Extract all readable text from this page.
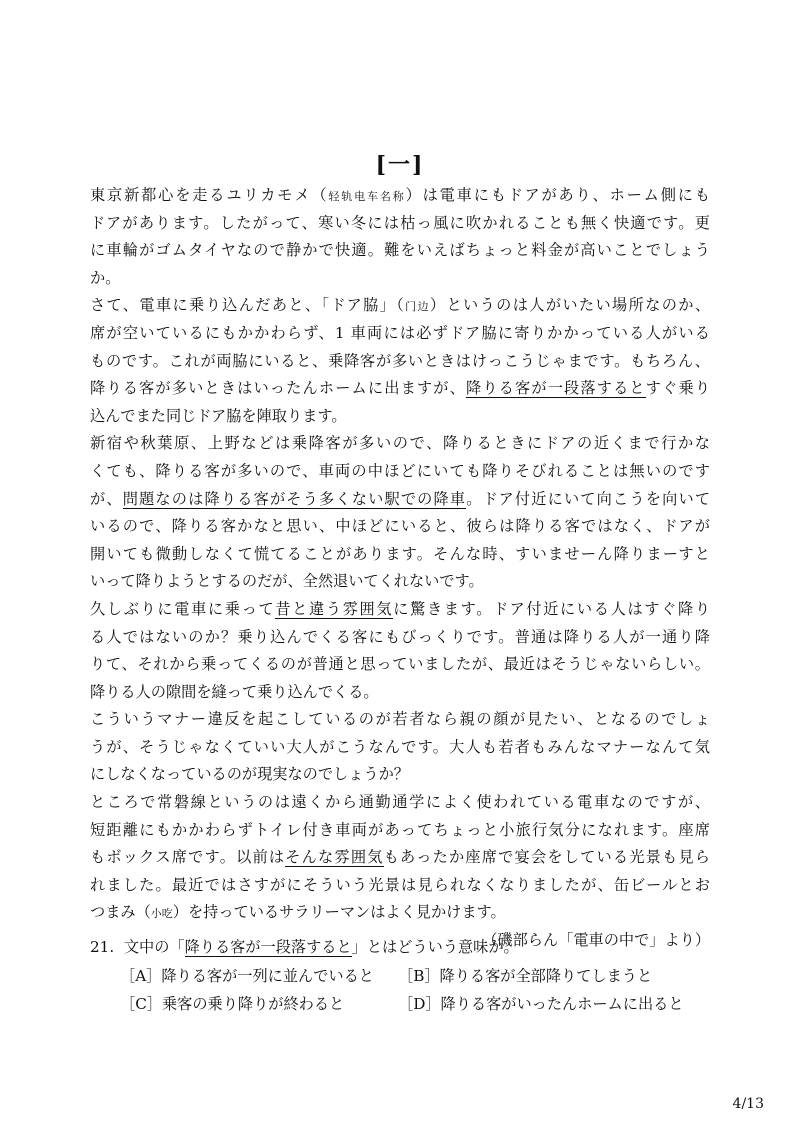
[一]
東京新都心を走るユリカモメ（轻轨电车名称）は電車にもドアがあり、ホーム側にも
ドアがあります。したがって、寒い冬には枯っ風に吹かれることも無く快適です。更
に車輪がゴムタイヤなので静かで快適。難をいえばちょっと料金が高いことでしょう
か。
さて、電車に乗り込んだあと、「ドア脇」（门边）というのは人がいたい場所なのか、
席が空いているにもかかわらず、1 車両には必ずドア脇に寄りかかっている人がいる
ものです。これが両脇にいると、乗降客が多いときはけっこうじゃまです。もちろん、
降りる客が多いときはいったんホームに出ますが、降りる客が一段落するとすぐ乗り
込んでまた同じドア脇を陣取ります。
新宿や秋葉原、上野などは乗降客が多いので、降りるときにドアの近くまで行かな
くても、降りる客が多いので、車両の中ほどにいても降りそびれることは無いのです
が、問題なのは降りる客がそう多くない駅での降車。ドア付近にいて向こうを向いて
いるので、降りる客かなと思い、中ほどにいると、彼らは降りる客ではなく、ドアが
開いても微動しなくて慌てることがあります。そんな時、すいませーん降りまーすと
いって降りようとするのだが、全然退いてくれないです。
久しぶりに電車に乗って昔と違う雰囲気に驚きます。ドア付近にいる人はすぐ降り
る人ではないのか？乗り込んでくる客にもびっくりです。普通は降りる人が一通り降
りて、それから乗ってくるのが普通と思っていましたが、最近はそうじゃないらしい。
降りる人の隙間を縫って乗り込んでくる。
こういうマナー違反を起こしているのが若者なら親の顔が見たい、となるのでしょ
うが、そうじゃなくていい大人がこうなんです。大人も若者もみんなマナーなんて気
にしなくなっているのが現実なのでしょうか？
ところで常磐線というのは遠くから通勤通学によく使われている電車なのですが、
短距離にもかかわらずトイレ付き車両があってちょっと小旅行気分になれます。座席
もボックス席です。以前はそんな雰囲気もあったか座席で宴会をしている光景も見ら
れました。最近ではさすがにそういう光景は見られなくなりましたが、缶ビールとお
つまみ（小吃）を持っているサラリーマンはよく見かけます。
（磯部らん「電車の中で」より）
21. 文中の「降りる客が一段落すると」とはどういう意味か。
［A］降りる客が一列に並んでいると ［B］降りる客が全部降りてしまうと
［C］乗客の乗り降りが終わると	［D］降りる客がいったんホームに出ると
4/13
